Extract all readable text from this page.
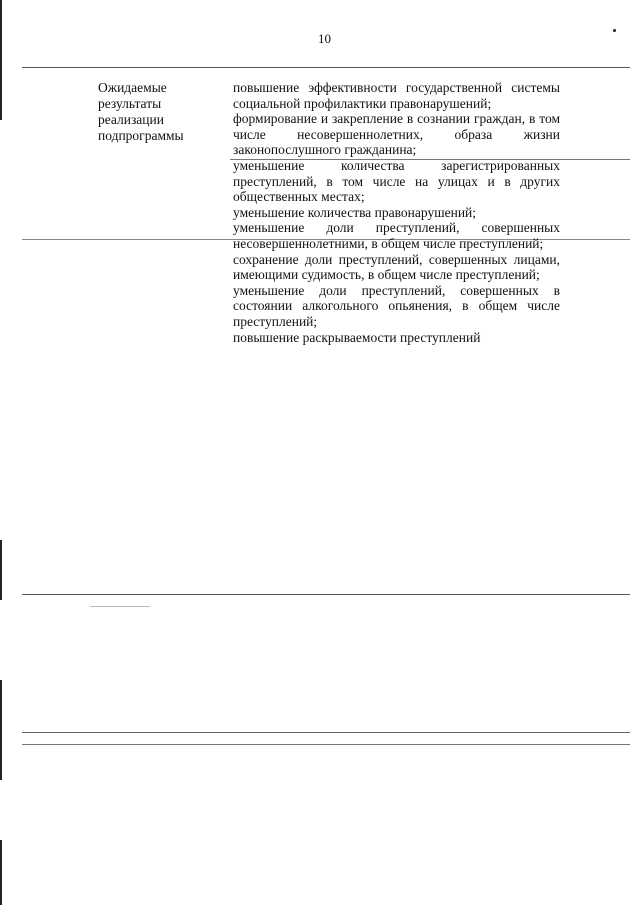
10
Ожидаемые
результаты
реализации
подпрограммы

повышение эффективности государственной системы социальной профилактики правонарушений;

формирование и закрепление в сознании граждан, в том числе несовершеннолетних, образа жизни законопослушного гражданина;

уменьшение количества зарегистрированных преступлений, в том числе на улицах и в других общественных местах;

уменьшение количества правонарушений;

уменьшение доли преступлений, совершенных несовершеннолетними, в общем числе преступлений;

сохранение доли преступлений, совершенных лицами, имеющими судимость, в общем числе преступлений;

уменьшение доли преступлений, совершенных в состоянии алкогольного опьянения, в общем числе преступлений;

повышение раскрываемости преступлений
